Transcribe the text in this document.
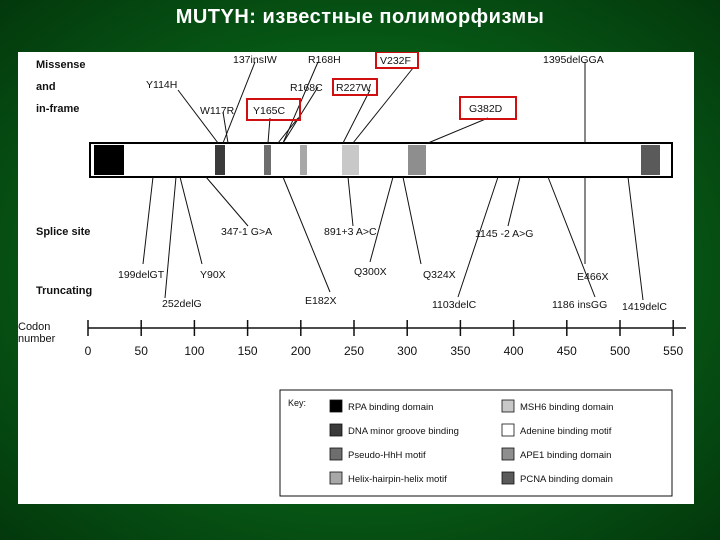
MUTYH: известные полиморфизмы
Missense
and
in-frame
Splice site
Truncating
Codon
number
137insIW	R168H	V232F	1395delGGA
Y114H	R168C R227W
W117R Y165C	G382D
347-1 G>A	891+3 A>C	1145 -2 A>G
199delGT	Y90X	Q300X	Q324X	E466X
252delG	E182X	1103delC	1186 insGG 1419delC
0	50	100	150	200	250	300	350	400	450	500	550
Key:	RPA binding domain	MSH6 binding domain
DNA minor groove binding	Adenine binding motif
Pseudo-HhH motif	APE1 binding domain
Helix-hairpin-helix motif	PCNA binding domain
